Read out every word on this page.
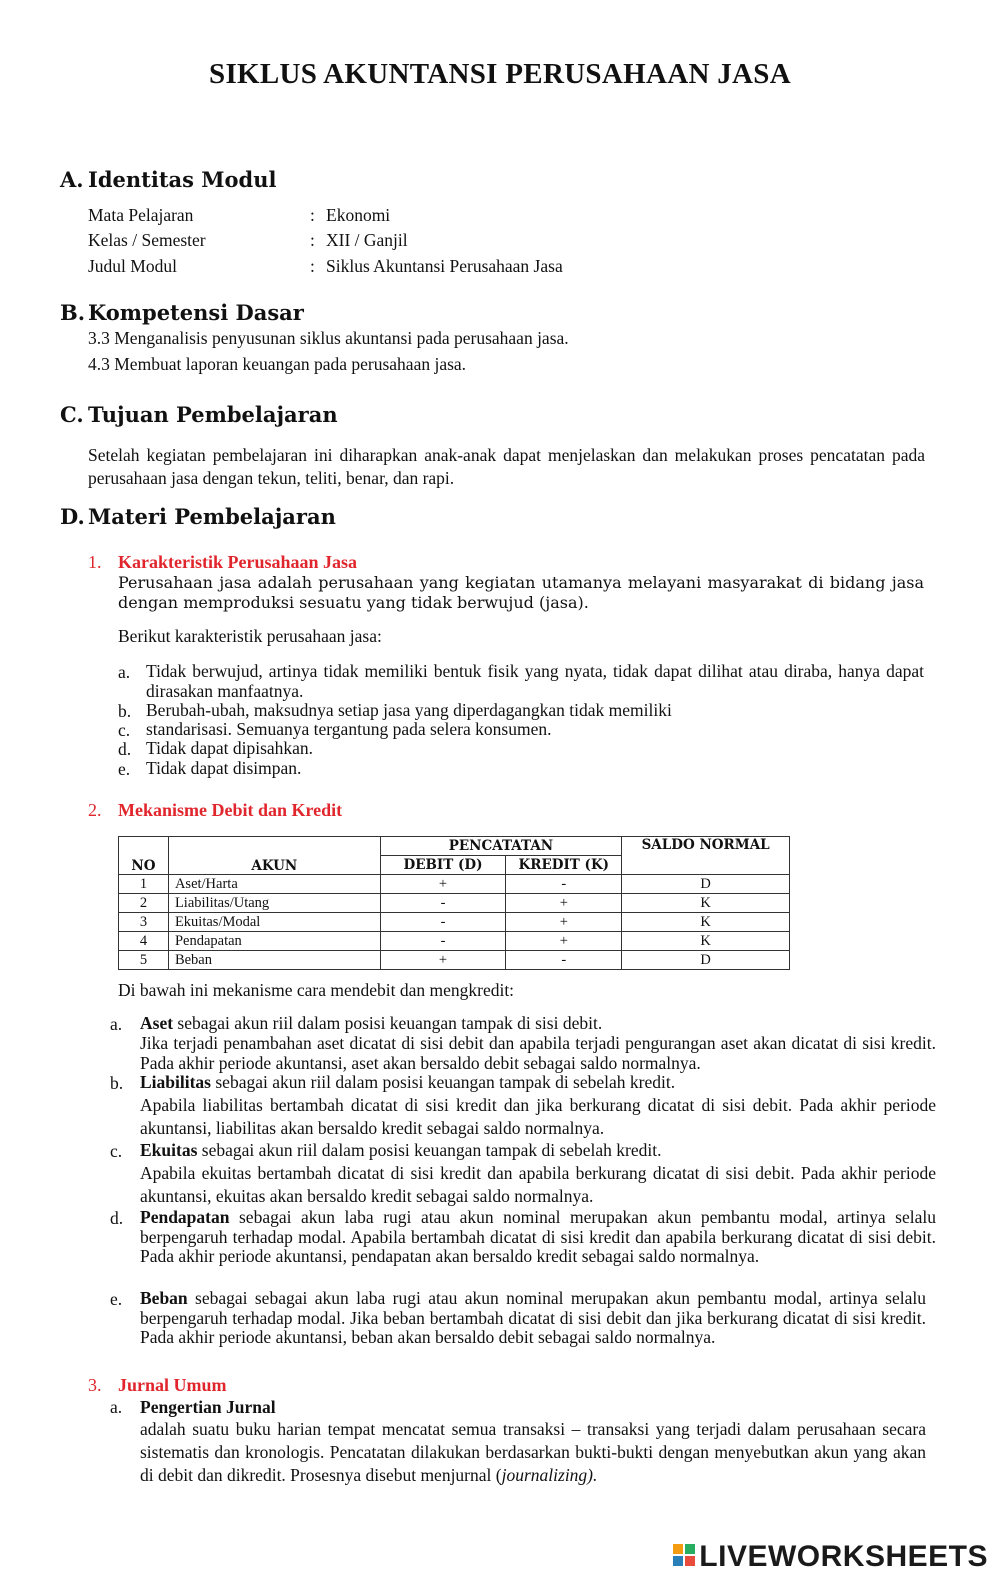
SIKLUS AKUNTANSI PERUSAHAAN JASA
A. Identitas Modul
Mata Pelajaran	: Ekonomi
Kelas / Semester	: XII / Ganjil
Judul Modul	: Siklus Akuntansi Perusahaan Jasa
B. Kompetensi Dasar
3.3 Menganalisis penyusunan siklus akuntansi pada perusahaan jasa.
4.3 Membuat laporan keuangan pada perusahaan jasa.
C. Tujuan Pembelajaran
Setelah kegiatan pembelajaran ini diharapkan anak-anak dapat menjelaskan dan melakukan proses pencatatan pada perusahaan jasa dengan tekun, teliti, benar, dan rapi.
D. Materi Pembelajaran
1. Karakteristik Perusahaan Jasa
Perusahaan jasa adalah perusahaan yang kegiatan utamanya melayani masyarakat di bidang jasa dengan memproduksi sesuatu yang tidak berwujud (jasa).
Berikut karakteristik perusahaan jasa:
a. Tidak berwujud, artinya tidak memiliki bentuk fisik yang nyata, tidak dapat dilihat atau diraba, hanya dapat dirasakan manfaatnya.
b. Berubah-ubah, maksudnya setiap jasa yang diperdagangkan tidak memiliki
c. standarisasi. Semuanya tergantung pada selera konsumen.
d. Tidak dapat dipisahkan.
e. Tidak dapat disimpan.
2. Mekanisme Debit dan Kredit
NO	AKUN	PENCATATAN		SALDO NORMAL
		DEBIT (D)	KREDIT (K)	
1	Aset/Harta	+	-	D
2	Liabilitas/Utang	-	+	K
3	Ekuitas/Modal	-	+	K
4	Pendapatan	-	+	K
5	Beban	+	-	D
Di bawah ini mekanisme cara mendebit dan mengkredit:
a. Aset sebagai akun riil dalam posisi keuangan tampak di sisi debit.
Jika terjadi penambahan aset dicatat di sisi debit dan apabila terjadi pengurangan aset akan dicatat di sisi kredit. Pada akhir periode akuntansi, aset akan bersaldo debit sebagai saldo normalnya.
b. Liabilitas sebagai akun riil dalam posisi keuangan tampak di sebelah kredit.
Apabila liabilitas bertambah dicatat di sisi kredit dan jika berkurang dicatat di sisi debit. Pada akhir periode akuntansi, liabilitas akan bersaldo kredit sebagai saldo normalnya.
c. Ekuitas sebagai akun riil dalam posisi keuangan tampak di sebelah kredit.
Apabila ekuitas bertambah dicatat di sisi kredit dan apabila berkurang dicatat di sisi debit. Pada akhir periode akuntansi, ekuitas akan bersaldo kredit sebagai saldo normalnya.
d. Pendapatan sebagai akun laba rugi atau akun nominal merupakan akun pembantu modal, artinya selalu berpengaruh terhadap modal. Apabila bertambah dicatat di sisi kredit dan apabila berkurang dicatat di sisi debit. Pada akhir periode akuntansi, pendapatan akan bersaldo kredit sebagai saldo normalnya.
e. Beban sebagai sebagai akun laba rugi atau akun nominal merupakan akun pembantu modal, artinya selalu berpengaruh terhadap modal. Jika beban bertambah dicatat di sisi debit dan jika berkurang dicatat di sisi kredit. Pada akhir periode akuntansi, beban akan bersaldo debit sebagai saldo normalnya.
3. Jurnal Umum
a. Pengertian Jurnal
adalah suatu buku harian tempat mencatat semua transaksi – transaksi yang terjadi dalam perusahaan secara sistematis dan kronologis. Pencatatan dilakukan berdasarkan bukti-bukti dengan menyebutkan akun yang akan di debit dan dikredit. Prosesnya disebut menjurnal (journalizing).
LIVEWORKSHEETS
